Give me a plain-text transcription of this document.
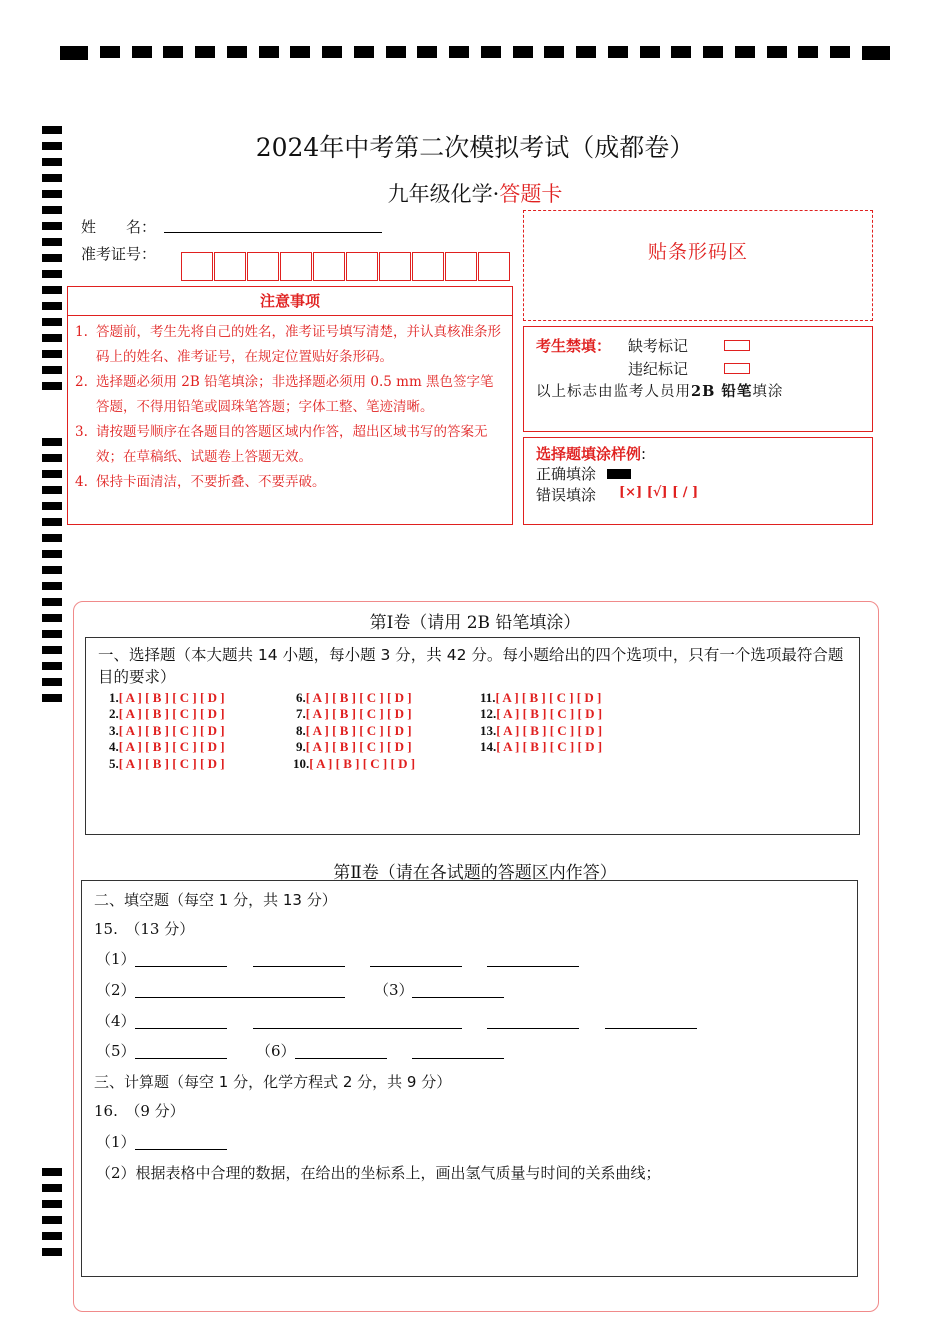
2024年中考第二次模拟考试（成都卷）
九年级化学·答题卡
姓　　名：
准考证号：
注意事项
1. 答题前，考生先将自己的姓名，准考证号填写清楚，并认真核准条形码上的姓名、准考证号，在规定位置贴好条形码。
2. 选择题必须用 2B 铅笔填涂；非选择题必须用 0.5 mm 黑色签字笔答题，不得用铅笔或圆珠笔答题；字体工整、笔迹清晰。
3. 请按题号顺序在各题目的答题区域内作答，超出区域书写的答案无效；在草稿纸、试题卷上答题无效。
4. 保持卡面清洁，不要折叠、不要弄破。
贴条形码区
考生禁填： 缺考标记
违纪标记
以上标志由监考人员用2B 铅笔填涂
选择题填涂样例:
正确填涂
错误填涂 [×] [√] [ / ]
第Ⅰ卷（请用 2B 铅笔填涂）
一、选择题（本大题共 14 小题，每小题 3 分，共 42 分。每小题给出的四个选项中，只有一个选项最符合题目的要求）
1.[ A ] [ B ] [ C ] [ D ]
2.[ A ] [ B ] [ C ] [ D ]
3.[ A ] [ B ] [ C ] [ D ]
4.[ A ] [ B ] [ C ] [ D ]
5.[ A ] [ B ] [ C ] [ D ]
6.[ A ] [ B ] [ C ] [ D ]
7.[ A ] [ B ] [ C ] [ D ]
8.[ A ] [ B ] [ C ] [ D ]
9.[ A ] [ B ] [ C ] [ D ]
10.[ A ] [ B ] [ C ] [ D ]
11.[ A ] [ B ] [ C ] [ D ]
12.[ A ] [ B ] [ C ] [ D ]
13.[ A ] [ B ] [ C ] [ D ]
14.[ A ] [ B ] [ C ] [ D ]
第Ⅱ卷（请在各试题的答题区内作答）
二、填空题（每空 1 分，共 13 分）
15.　（13 分）
（1）
（2）	（3）
（4）
（5）	（6）
三、计算题（每空 1 分，化学方程式 2 分，共 9 分）
16.　（9 分）
（1）
（2）根据表格中合理的数据，在给出的坐标系上，画出氢气质量与时间的关系曲线；
